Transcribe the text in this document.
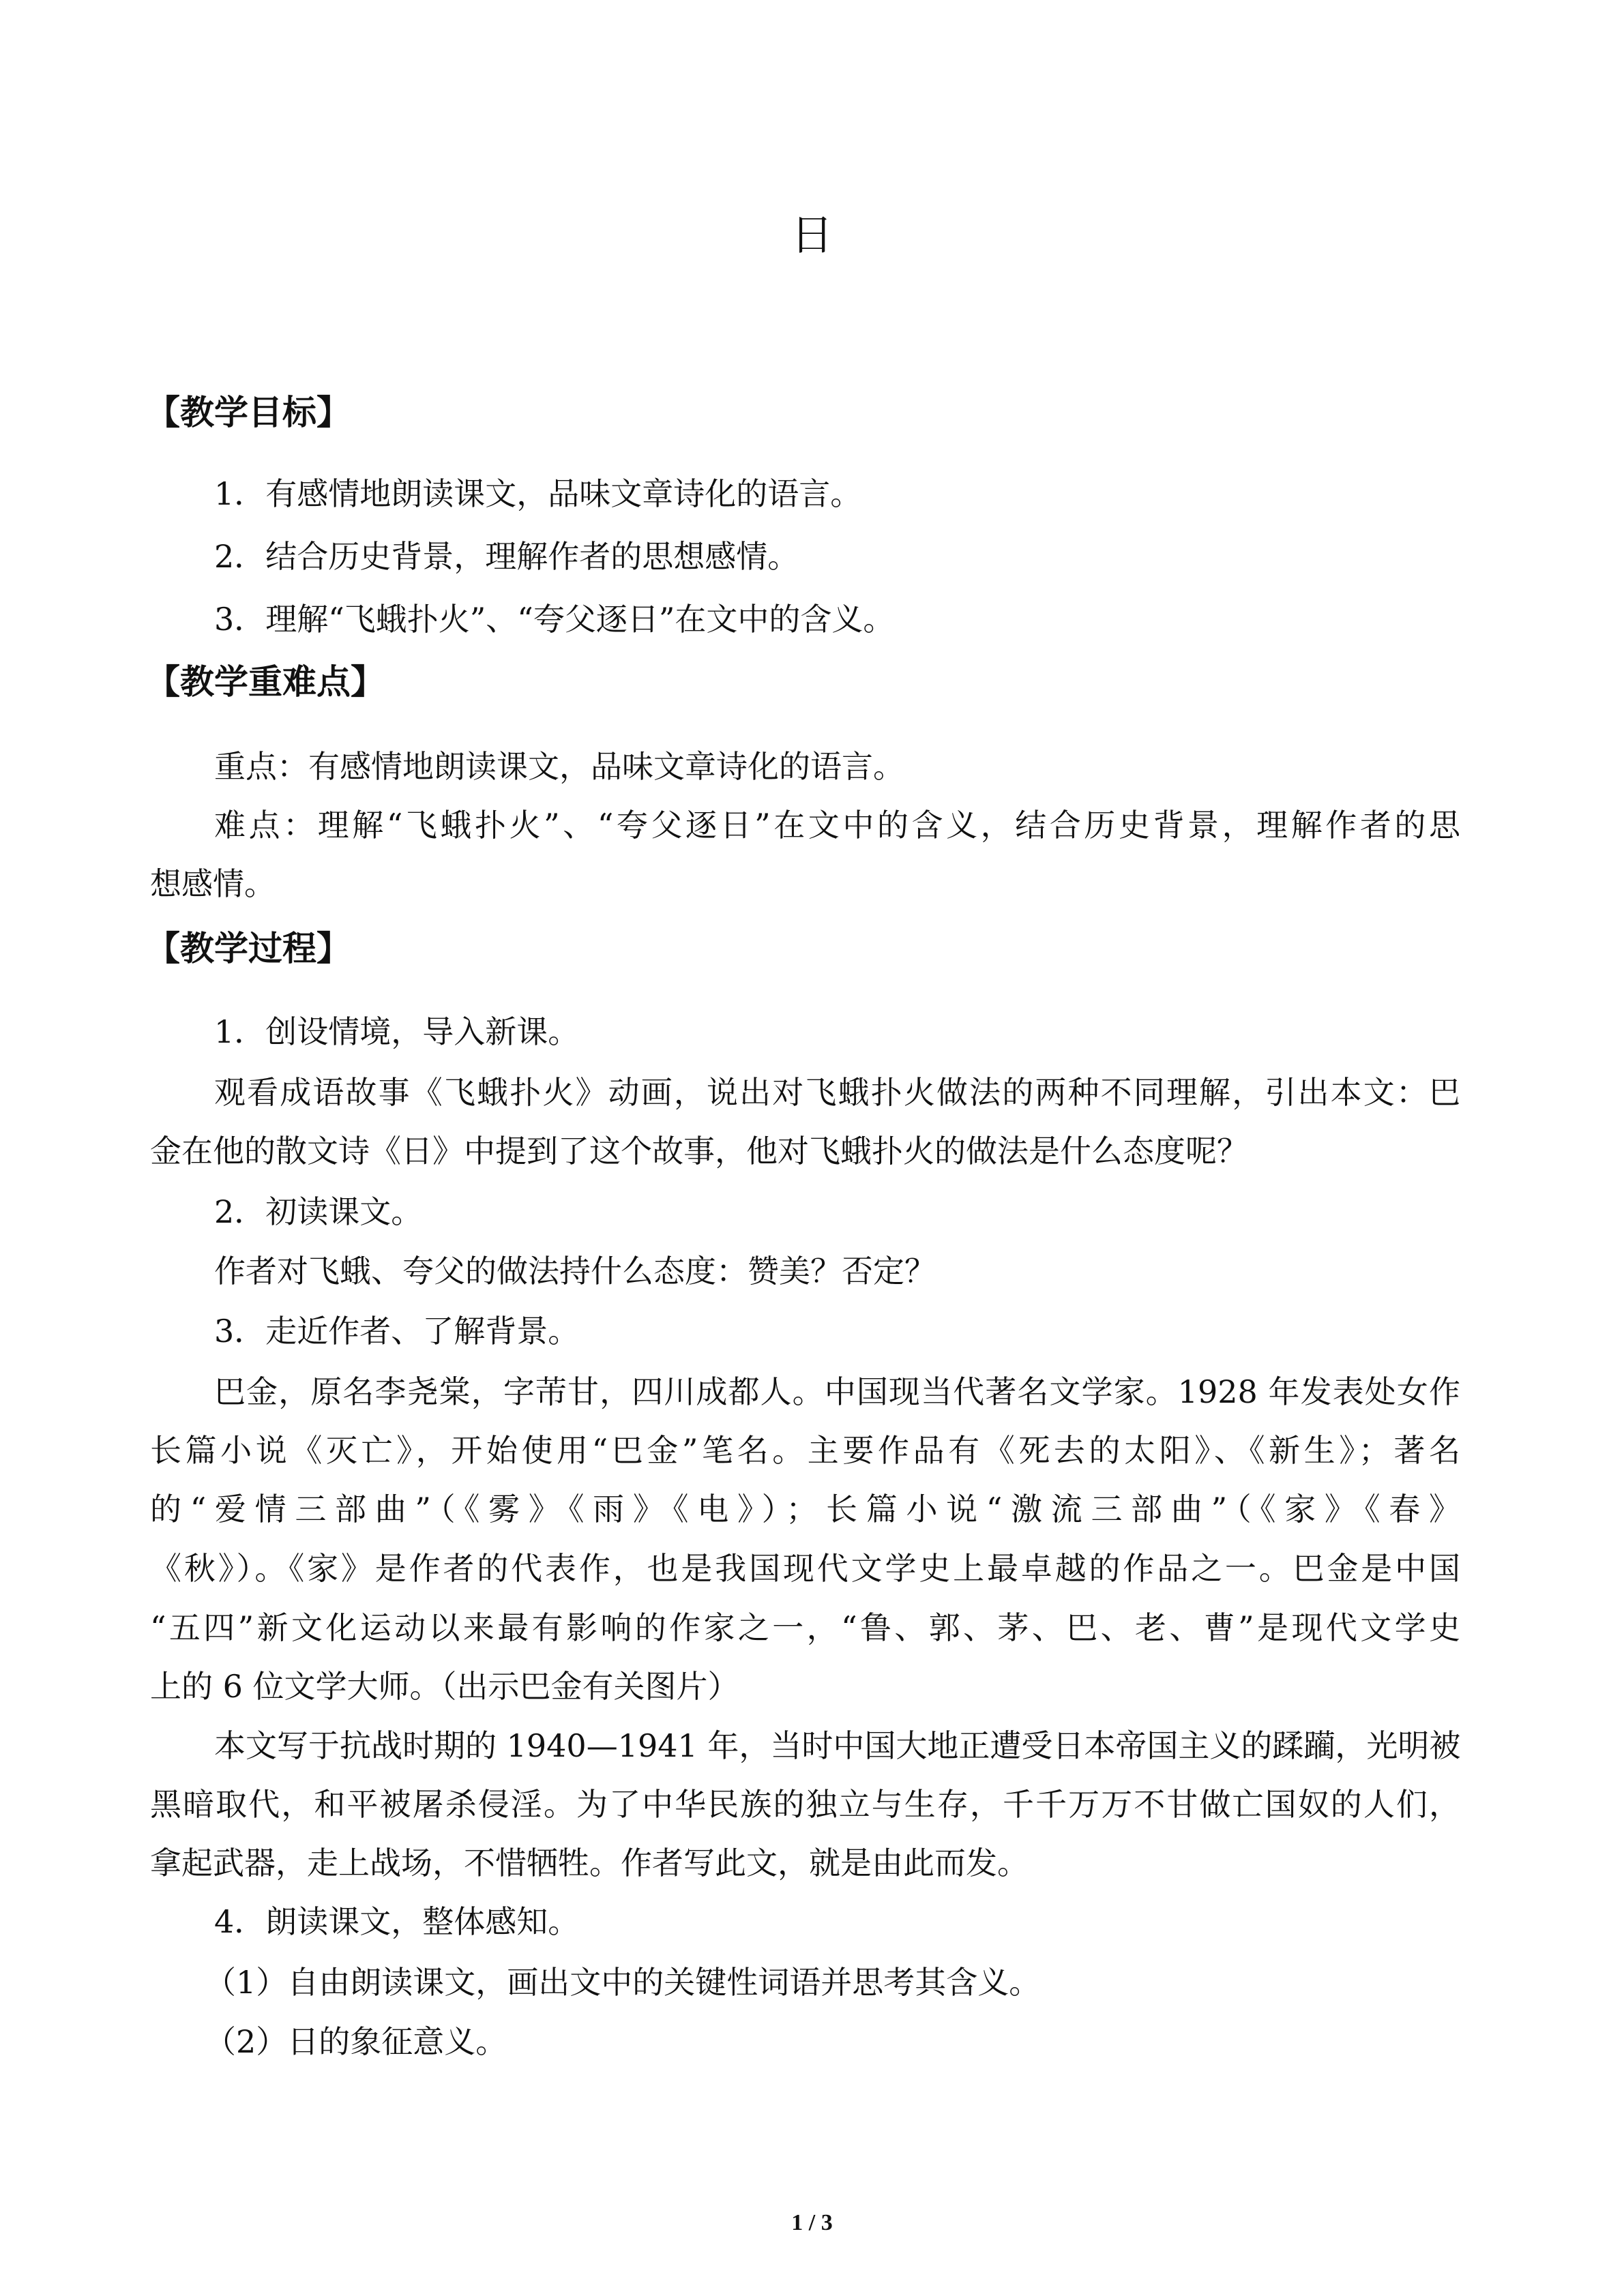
日
【教学目标】
1．有感情地朗读课文，品味文章诗化的语言。
2．结合历史背景，理解作者的思想感情。
3．理解“飞蛾扑火”、“夸父逐日”在文中的含义。
【教学重难点】
重点：有感情地朗读课文，品味文章诗化的语言。
难点：理解“飞蛾扑火”、“夸父逐日”在文中的含义，结合历史背景，理解作者的思
想感情。
【教学过程】
1．创设情境，导入新课。
观看成语故事《飞蛾扑火》动画，说出对飞蛾扑火做法的两种不同理解，引出本文：巴
金在他的散文诗《日》中提到了这个故事，他对飞蛾扑火的做法是什么态度呢？
2．初读课文。
作者对飞蛾、夸父的做法持什么态度：赞美？否定？
3．走近作者、了解背景。
巴金，原名李尧棠，字芾甘，四川成都人。中国现当代著名文学家。1928 年发表处女作
长篇小说《灭亡》，开始使用“巴金”笔名。主要作品有《死去的太阳》、《新生》；著名
的“爱情三部曲”（《雾》《雨》《电》）；长篇小说“激流三部曲”（《家》《春》
《秋》）。《家》是作者的代表作，也是我国现代文学史上最卓越的作品之一。巴金是中国
“五四”新文化运动以来最有影响的作家之一，“鲁、郭、茅、巴、老、曹”是现代文学史
上的 6 位文学大师。（出示巴金有关图片）
本文写于抗战时期的 1940—1941 年，当时中国大地正遭受日本帝国主义的蹂躏，光明被
黑暗取代，和平被屠杀侵淫。为了中华民族的独立与生存，千千万万不甘做亡国奴的人们，
拿起武器，走上战场，不惜牺牲。作者写此文，就是由此而发。
4．朗读课文，整体感知。
（1）自由朗读课文，画出文中的关键性词语并思考其含义。
（2）日的象征意义。
1 / 3
